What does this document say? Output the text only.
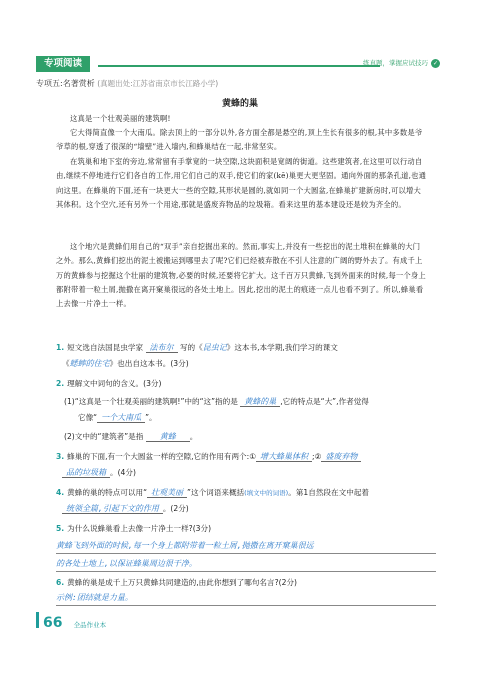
专项阅读	练真题，掌握应试技巧 ✓
专项五:名著赏析 (真题出处:江苏省南京市长江路小学)
黄蜂的巢
这真是一个壮观美丽的建筑啊!
它大得简直像一个大南瓜。除去顶上的一部分以外,各方面全都是悬空的,顶上生长有很多的根,其中多数是爷爷草的根,穿透了很深的“墙壁”进入墙内,和蜂巢结在一起,非常坚实。
在筑巢和地下室的旁边,常常留有手掌宽的一块空隙,这块面积是宽阔的街道。这些建筑者,在这里可以行动自由,继续不停地进行它们各自的工作,用它们自己的双手,使它们的家(kē)巢更大更坚固。通向外面的那条孔道,也通向这里。在蜂巢的下面,还有一块更大一些的空隙,其形状是圆的,就如同一个大圆盆,在蜂巢扩建新房时,可以增大其体积。这个空穴,还有另外一个用途,那就是盛废弃物品的垃圾箱。看来这里的基本建设还是较为齐全的。
这个地穴是黄蜂们用自己的“双手”亲自挖掘出来的。然而,事实上,并没有一些挖出的泥土堆积在蜂巢的大门之外。那么,黄蜂们挖出的泥土被搬运到哪里去了呢?它们已经被弃散在不引人注意的广阔的野外去了。有成千上万的黄蜂参与挖掘这个壮丽的建筑物,必要的时候,还要将它扩大。这千百万只黄蜂,飞到外面来的时候,每一个身上都附带着一粒土屑,抛撒在离开窠巢很远的各处土地上。因此,挖出的泥土的痕迹一点儿也看不到了。所以,蜂巢看上去像一片净土一样。
1. 短文选自法国昆虫学家 法布尔 写的《昆虫记》这本书,本学期,我们学习的课文
《蟋蟀的住宅》也出自这本书。(3分)
2. 理解文中词句的含义。(3分)
(1)“这真是一个壮观美丽的建筑啊!”中的“这”指的是 黄蜂的巢 ,它的特点是“大”,作者觉得
它像“ 一个大南瓜 ”。
(2)文中的“建筑者”是指 黄蜂 。
3. 蜂巢的下面,有一个大圆盆一样的空隙,它的作用有两个:① 增大蜂巢体积 ;② 盛废弃物
品的垃圾箱 。(4分)
4. 黄蜂的巢的特点可以用“ 壮观美丽 ”这个词语来概括(填文中的词语)。第1自然段在文中起着
统领全篇,引起下文的作用 。(2分)
5. 为什么说蜂巢看上去像一片净土一样?(3分)
黄蜂飞到外面的时候,每一个身上都附带着一粒土屑,抛撒在离开窠巢很远
的各处土地上,以保证蜂巢周边很干净。
6. 黄蜂的巢是成千上万只黄蜂共同建造的,由此你想到了哪句名言?(2分)
示例:团结就是力量。
66 全品作业本
